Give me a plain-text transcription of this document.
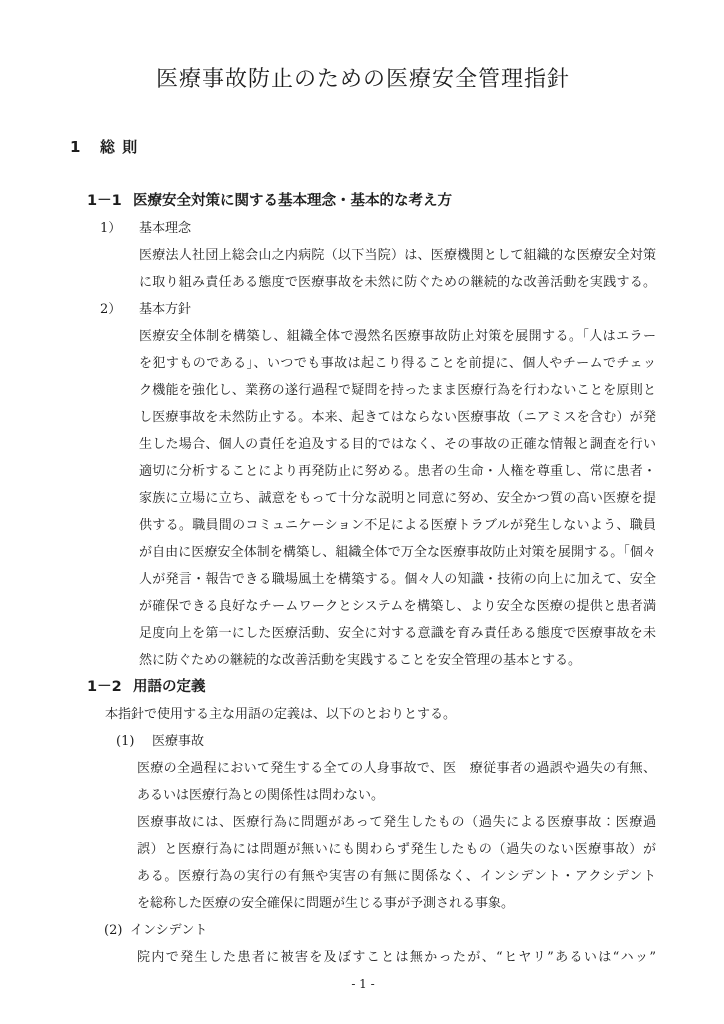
医療事故防止のための医療安全管理指針
1 総 則
1－1 医療安全対策に関する基本理念・基本的な考え方
1） 基本理念
医療法人社団上総会山之内病院（以下当院）は、医療機関として組織的な医療安全対策
に取り組み責任ある態度で医療事故を未然に防ぐための継続的な改善活動を実践する。
2） 基本方針
医療安全体制を構築し、組織全体で漫然名医療事故防止対策を展開する。「人はエラー
を犯すものである」、いつでも事故は起こり得ることを前提に、個人やチームでチェッ
ク機能を強化し、業務の遂行過程で疑問を持ったまま医療行為を行わないことを原則と
し医療事故を未然防止する。本来、起きてはならない医療事故（ニアミスを含む）が発
生した場合、個人の責任を追及する目的ではなく、その事故の正確な情報と調査を行い
適切に分析することにより再発防止に努める。患者の生命・人権を尊重し、常に患者・
家族に立場に立ち、誠意をもって十分な説明と同意に努め、安全かつ質の高い医療を提
供する。職員間のコミュニケーション不足による医療トラブルが発生しないよう、職員
が自由に医療安全体制を構築し、組織全体で万全な医療事故防止対策を展開する。「個々
人が発言・報告できる職場風土を構築する。個々人の知識・技術の向上に加えて、安全
が確保できる良好なチームワークとシステムを構築し、より安全な医療の提供と患者満
足度向上を第一にした医療活動、安全に対する意識を育み責任ある態度で医療事故を未
然に防ぐための継続的な改善活動を実践することを安全管理の基本とする。
1－2 用語の定義
本指針で使用する主な用語の定義は、以下のとおりとする。
(1) 医療事故
医療の全過程において発生する全ての人身事故で、医　療従事者の過誤や過失の有無、
あるいは医療行為との関係性は問わない。
医療事故には、医療行為に問題があって発生したもの（過失による医療事故：医療過
誤）と医療行為には問題が無いにも関わらず発生したもの（過失のない医療事故）が
ある。医療行為の実行の有無や実害の有無に関係なく、インシデント・アクシデント
を総称した医療の安全確保に問題が生じる事が予測される事象。
(2) インシデント
院内で発生した患者に被害を及ぼすことは無かったが、“ヒヤリ”あるいは“ハッ”
- 1 -
